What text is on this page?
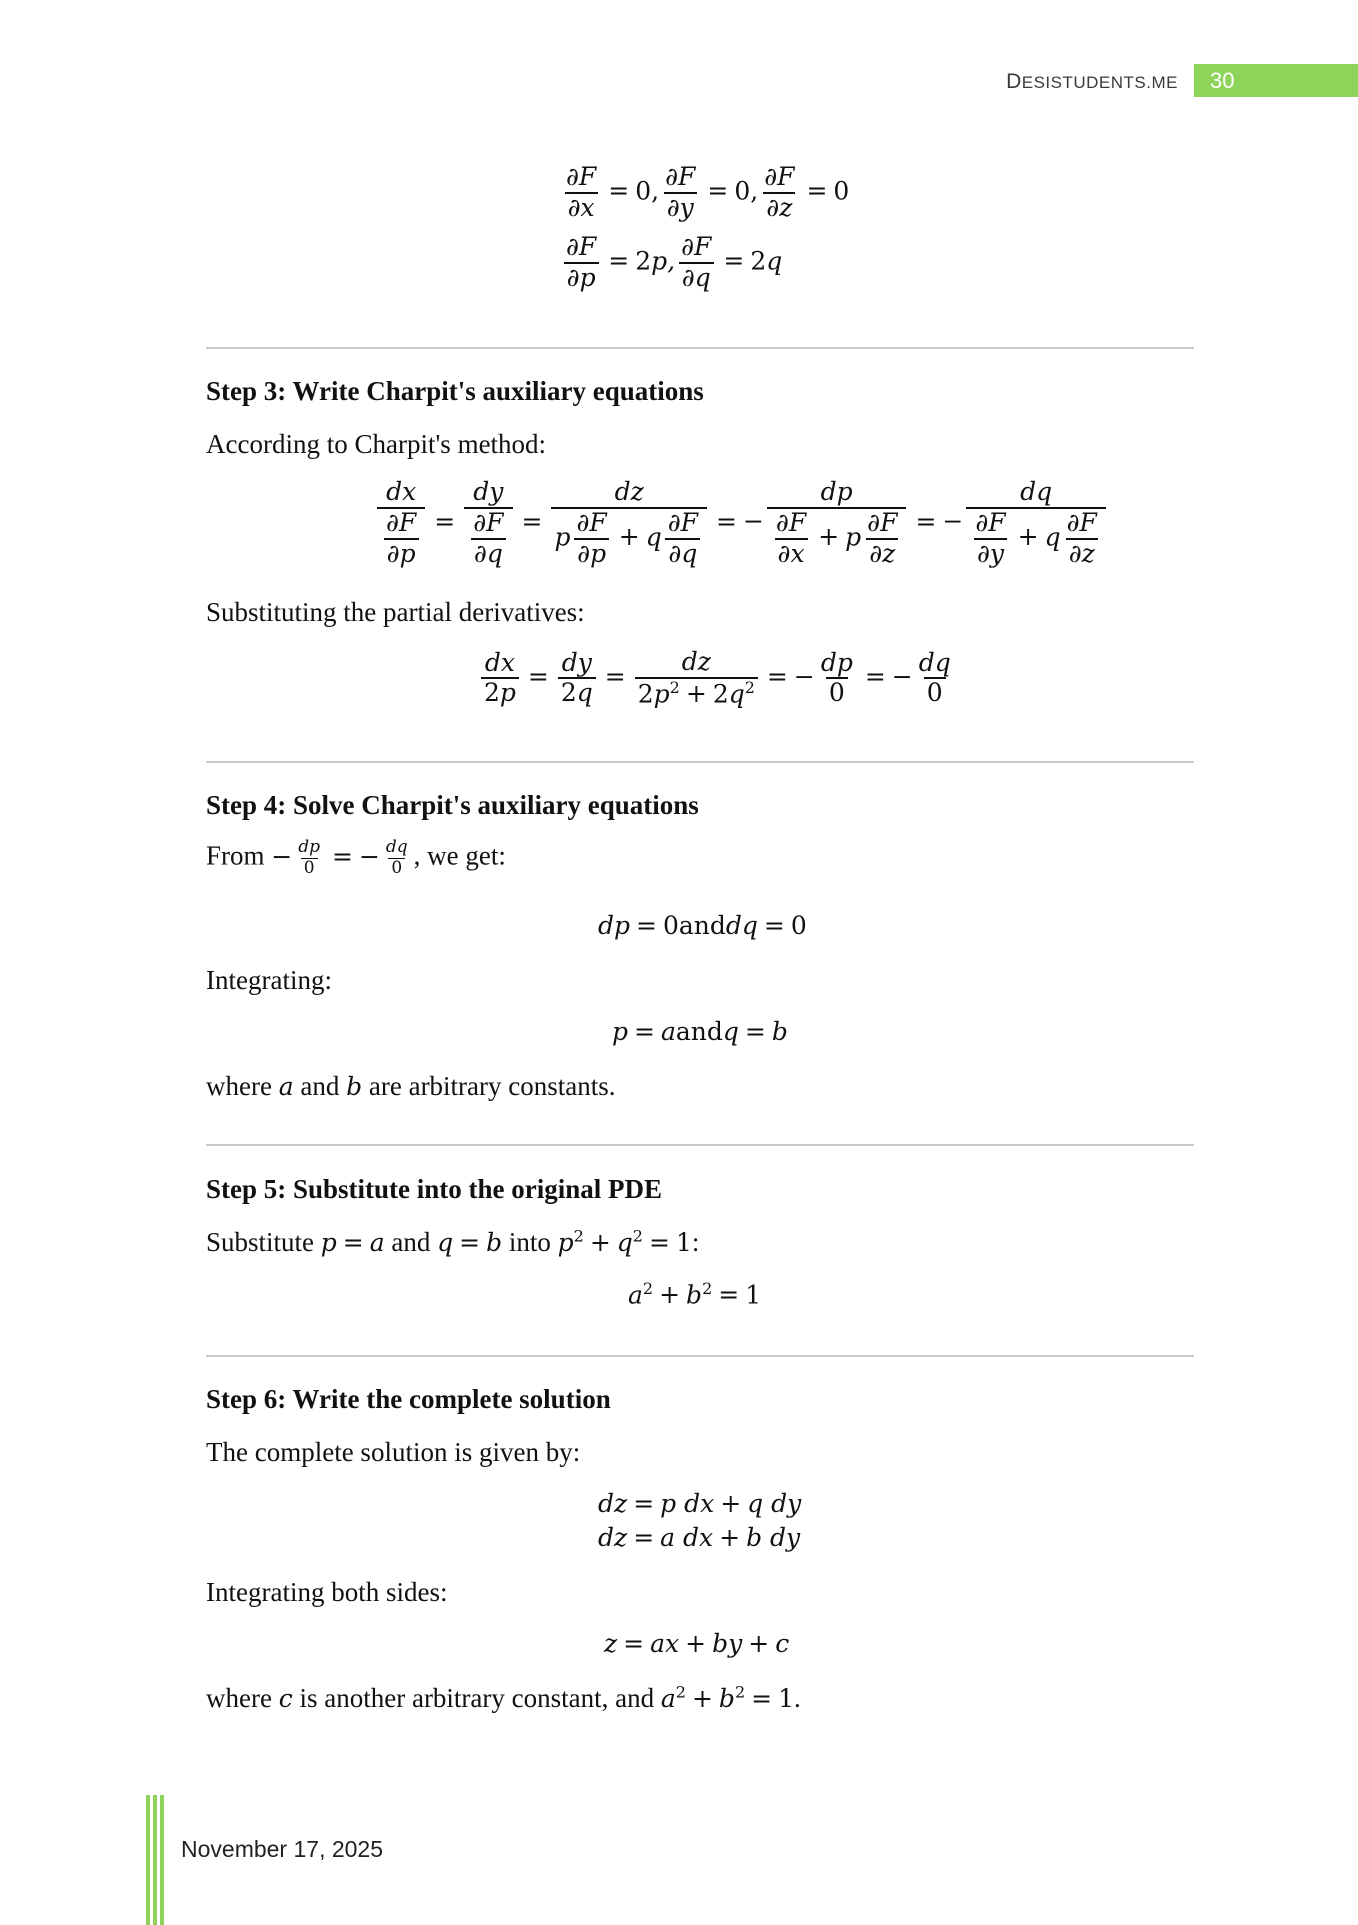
DESISTUDENTS.ME	30
$\frac{\partial F}{\partial x} = 0$, $\frac{\partial F}{\partial y} = 0$, $\frac{\partial F}{\partial z} = 0$
$\frac{\partial F}{\partial p} = 2p$, $\frac{\partial F}{\partial q} = 2q$
Step 3: Write Charpit's auxiliary equations
According to Charpit's method:
$\frac{dx}{\frac{\partial F}{\partial p}} = \frac{dy}{\frac{\partial F}{\partial q}} = \frac{dz}{p \frac{\partial F}{\partial p} + q \frac{\partial F}{\partial q}}$ = − $\frac{dp}{\frac{\partial F}{\partial x} + p \frac{\partial F}{\partial z}}$ = − $\frac{dq}{\frac{\partial F}{\partial y} + q \frac{\partial F}{\partial z}}$
Substituting the partial derivatives:
$\frac{dx}{2p} = \frac{dy}{2q} = \frac{dz}{2p^2 + 2q^2}$ = − $\frac{dp}{0}$ = − $\frac{dq}{0}$
Step 4: Solve Charpit's auxiliary equations
From − $\frac{dp}{0}$ = − $\frac{dq}{0}$ , we get:
dp = 0anddq = 0
Integrating:
p = aandq = b
where a and b are arbitrary constants.
Step 5: Substitute into the original PDE
Substitute p = a and q = b into $p^2 + q^2 = 1$:
$a^2 + b^2 = 1$
Step 6: Write the complete solution
The complete solution is given by:
dz = p dx + q dy
dz = a dx + b dy
Integrating both sides:
z = ax + by + c
where c is another arbitrary constant, and $a^2 + b^2 = 1$.
November 17, 2025
